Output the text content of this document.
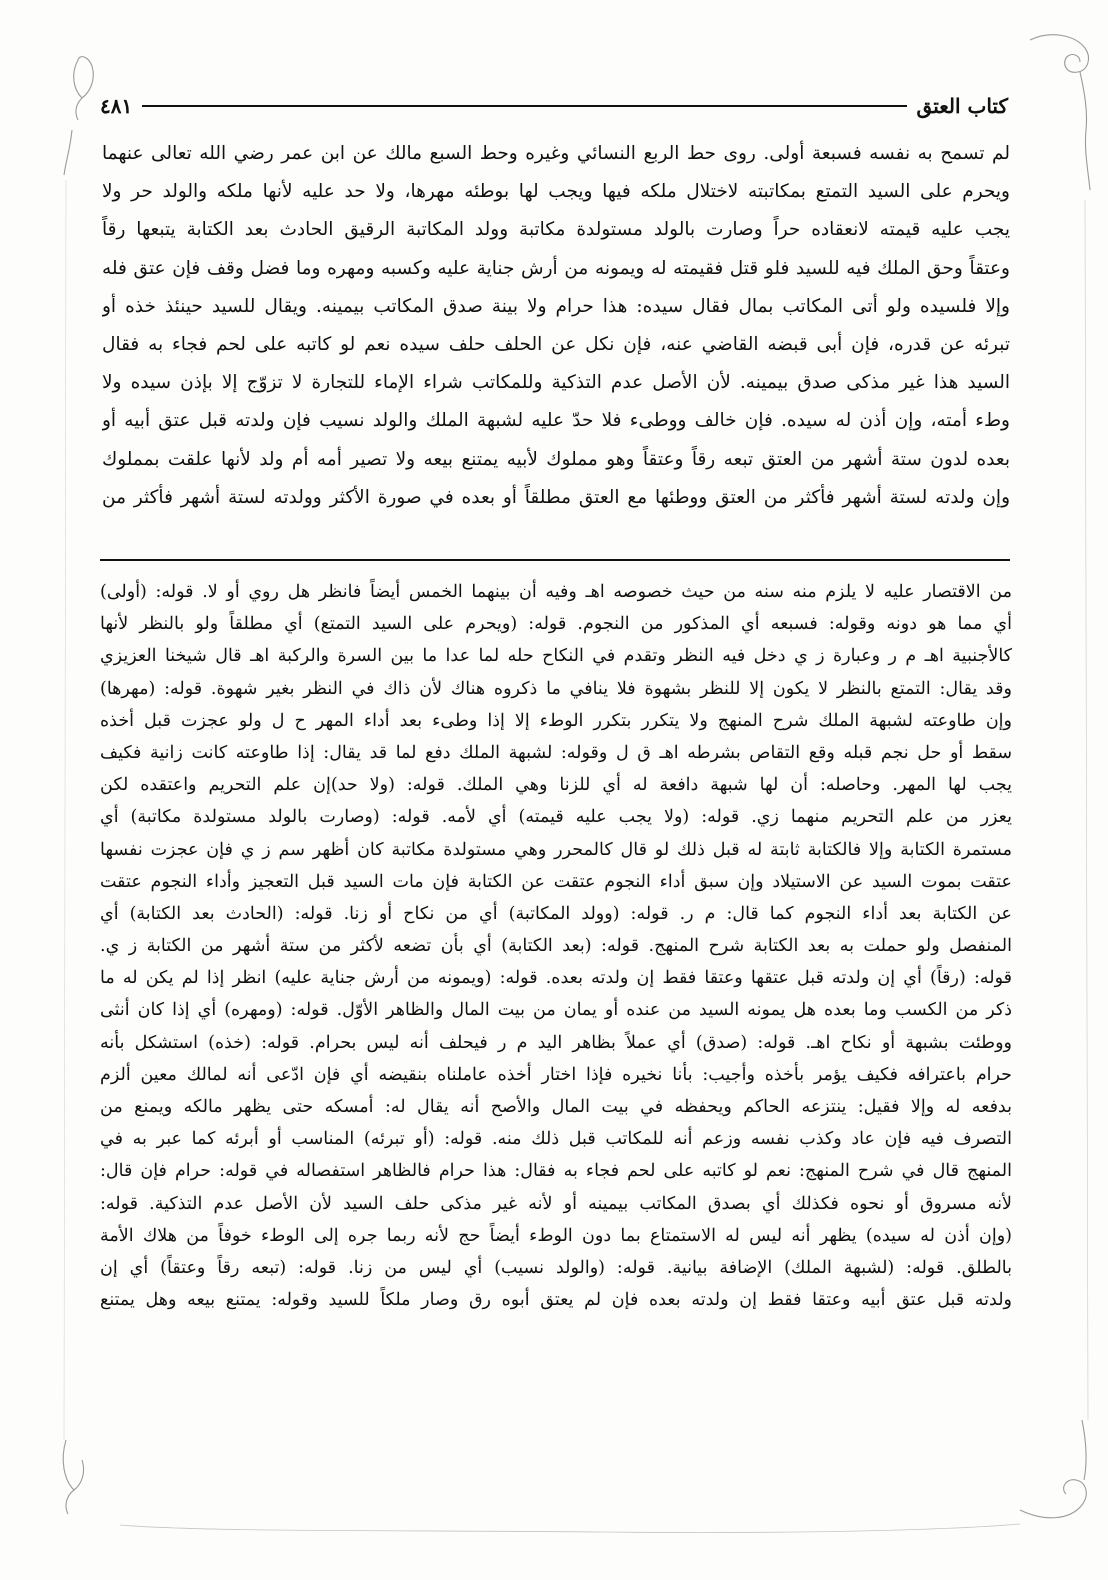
كتاب العتق
٤٨١
لم تسمح به نفسه فسبعة أولى. روى حط الربع النسائي وغيره وحط السبع مالك عن ابن عمر رضي الله تعالى عنهما
ويحرم على السيد التمتع بمكاتبته لاختلال ملكه فيها ويجب لها بوطئه مهرها، ولا حد عليه لأنها ملكه والولد حر ولا
يجب عليه قيمته لانعقاده حراً وصارت بالولد مستولدة مكاتبة وولد المكاتبة الرقيق الحادث بعد الكتابة يتبعها رقاً
وعتقاً وحق الملك فيه للسيد فلو قتل فقيمته له ويمونه من أرش جناية عليه وكسبه ومهره وما فضل وقف فإن عتق فله
وإلا فلسيده ولو أتى المكاتب بمال فقال سيده: هذا حرام ولا بينة صدق المكاتب بيمينه. ويقال للسيد حينئذ خذه أو
تبرئه عن قدره، فإن أبى قبضه القاضي عنه، فإن نكل عن الحلف حلف سيده نعم لو كاتبه على لحم فجاء به فقال
السيد هذا غير مذكى صدق بيمينه. لأن الأصل عدم التذكية وللمكاتب شراء الإماء للتجارة لا تزوّج إلا بإذن سيده ولا
وطء أمته، وإن أذن له سيده. فإن خالف ووطىء فلا حدّ عليه لشبهة الملك والولد نسيب فإن ولدته قبل عتق أبيه أو
بعده لدون ستة أشهر من العتق تبعه رقاً وعتقاً وهو مملوك لأبيه يمتنع بيعه ولا تصير أمه أم ولد لأنها علقت بمملوك
وإن ولدته لستة أشهر فأكثر من العتق ووطئها مع العتق مطلقاً أو بعده في صورة الأكثر وولدته لستة أشهر فأكثر من
من الاقتصار عليه لا يلزم منه سنه من حيث خصوصه اهـ وفيه أن بينهما الخمس أيضاً فانظر هل روي أو لا. قوله: (أولى)
أي مما هو دونه وقوله: فسبعه أي المذكور من النجوم. قوله: (ويحرم على السيد التمتع) أي مطلقاً ولو بالنظر لأنها
كالأجنبية اهـ م ر وعبارة ز ي دخل فيه النظر وتقدم في النكاح حله لما عدا ما بين السرة والركبة اهـ قال شيخنا العزيزي
وقد يقال: التمتع بالنظر لا يكون إلا للنظر بشهوة فلا ينافي ما ذكروه هناك لأن ذاك في النظر بغير شهوة. قوله: (مهرها)
وإن طاوعته لشبهة الملك شرح المنهج ولا يتكرر بتكرر الوطء إلا إذا وطىء بعد أداء المهر ح ل ولو عجزت قبل أخذه
سقط أو حل نجم قبله وقع التقاص بشرطه اهـ ق ل وقوله: لشبهة الملك دفع لما قد يقال: إذا طاوعته كانت زانية فكيف
يجب لها المهر. وحاصله: أن لها شبهة دافعة له أي للزنا وهي الملك. قوله: (ولا حد)إن علم التحريم واعتقده لكن
يعزر من علم التحريم منهما زي. قوله: (ولا يجب عليه قيمته) أي لأمه. قوله: (وصارت بالولد مستولدة مكاتبة) أي
مستمرة الكتابة وإلا فالكتابة ثابتة له قبل ذلك لو قال كالمحرر وهي مستولدة مكاتبة كان أظهر سم ز ي فإن عجزت نفسها
عتقت بموت السيد عن الاستيلاد وإن سبق أداء النجوم عتقت عن الكتابة فإن مات السيد قبل التعجيز وأداء النجوم عتقت
عن الكتابة بعد أداء النجوم كما قال: م ر. قوله: (وولد المكاتبة) أي من نكاح أو زنا. قوله: (الحادث بعد الكتابة) أي
المنفصل ولو حملت به بعد الكتابة شرح المنهج. قوله: (بعد الكتابة) أي بأن تضعه لأكثر من ستة أشهر من الكتابة ز ي.
قوله: (رقاً) أي إن ولدته قبل عتقها وعتقا فقط إن ولدته بعده. قوله: (ويمونه من أرش جناية عليه) انظر إذا لم يكن له ما
ذكر من الكسب وما بعده هل يمونه السيد من عنده أو يمان من بيت المال والظاهر الأوّل. قوله: (ومهره) أي إذا كان أنثى
ووطئت بشبهة أو نكاح اهـ. قوله: (صدق) أي عملاً بظاهر اليد م ر فيحلف أنه ليس بحرام. قوله: (خذه) استشكل بأنه
حرام باعترافه فكيف يؤمر بأخذه وأجيب: بأنا نخيره فإذا اختار أخذه عاملناه بنقيضه أي فإن ادّعى أنه لمالك معين ألزم
بدفعه له وإلا فقيل: ينتزعه الحاكم ويحفظه في بيت المال والأصح أنه يقال له: أمسكه حتى يظهر مالكه ويمنع من
التصرف فيه فإن عاد وكذب نفسه وزعم أنه للمكاتب قبل ذلك منه. قوله: (أو تبرئه) المناسب أو أبرئه كما عبر به في
المنهج قال في شرح المنهج: نعم لو كاتبه على لحم فجاء به فقال: هذا حرام فالظاهر استفصاله في قوله: حرام فإن قال:
لأنه مسروق أو نحوه فكذلك أي بصدق المكاتب بيمينه أو لأنه غير مذكى حلف السيد لأن الأصل عدم التذكية. قوله:
(وإن أذن له سيده) يظهر أنه ليس له الاستمتاع بما دون الوطء أيضاً حج لأنه ربما جره إلى الوطء خوفاً من هلاك الأمة
بالطلق. قوله: (لشبهة الملك) الإضافة بيانية. قوله: (والولد نسيب) أي ليس من زنا. قوله: (تبعه رقاً وعتقاً) أي إن
ولدته قبل عتق أبيه وعتقا فقط إن ولدته بعده فإن لم يعتق أبوه رق وصار ملكاً للسيد وقوله: يمتنع بيعه وهل يمتنع
